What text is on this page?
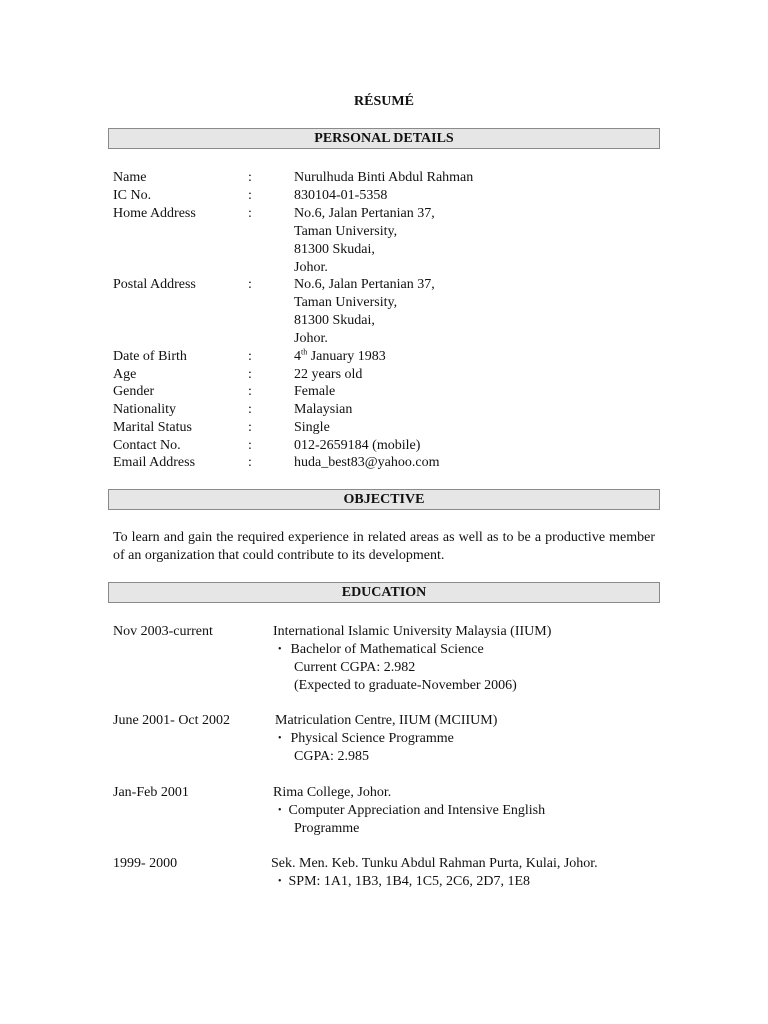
RÉSUMÉ
PERSONAL DETAILS
Name	:	Nurulhuda Binti Abdul Rahman
IC No.	:	830104-01-5358
Home Address	:	No.6, Jalan Pertanian 37,
Taman University,
81300 Skudai,
Johor.
Postal Address	:	No.6, Jalan Pertanian 37,
Taman University,
81300 Skudai,
Johor.
Date of Birth	:	4th January 1983
Age	:	22 years old
Gender	:	Female
Nationality	:	Malaysian
Marital Status	:	Single
Contact No.	:	012-2659184 (mobile)
Email Address	:	huda_best83@yahoo.com
OBJECTIVE
To learn and gain the required experience in related areas as well as to be a productive member of an organization that could contribute to its development.
EDUCATION
Nov 2003-current	International Islamic University Malaysia (IIUM)
• Bachelor of Mathematical Science
Current CGPA: 2.982
(Expected to graduate-November 2006)
June 2001- Oct 2002	Matriculation Centre, IIUM (MCIIUM)
• Physical Science Programme
CGPA: 2.985
Jan-Feb 2001	Rima College, Johor.
• Computer Appreciation and Intensive English
Programme
1999- 2000	Sek. Men. Keb. Tunku Abdul Rahman Purta, Kulai, Johor.
• SPM: 1A1, 1B3, 1B4, 1C5, 2C6, 2D7, 1E8
